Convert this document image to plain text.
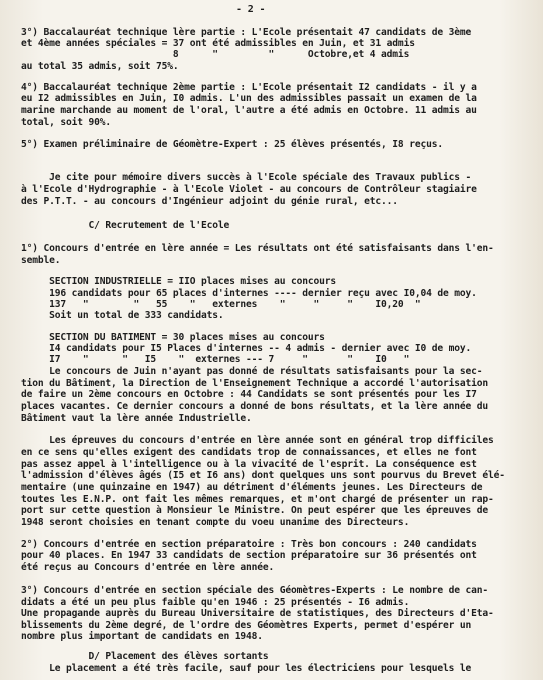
- 2 -
3°) Baccalauréat technique lère partie : L'Ecole présentait 47 candidats de 3ème
et 4ème années spéciales = 37 ont été admissibles en Juin, et 31 admis
8      "         "      Octobre,et 4 admis
au total 35 admis, soit 75%.
4°) Baccalauréat technique 2ème partie : L'Ecole présentait I2 candidats - il y a
eu I2 admissibles en Juin, I0 admis. L'un des admissibles passait un examen de la
marine marchande au moment de l'oral, l'autre a été admis en Octobre. 11 admis au
total, soit 90%.
5°) Examen préliminaire de Géomètre-Expert : 25 élèves présentés, I8 reçus.
Je cite pour mémoire divers succès à l'Ecole spéciale des Travaux publics -
à l'Ecole d'Hydrographie - à l'Ecole Violet - au concours de Contrôleur stagiaire
des P.T.T. - au concours d'Ingénieur adjoint du génie rural, etc...
C/ Recrutement de l'Ecole
1°) Concours d'entrée en lère année = Les résultats ont été satisfaisants dans l'en-
semble.
SECTION INDUSTRIELLE = IIO places mises au concours
196 candidats pour 65 places d'internes ---- dernier reçu avec I0,04 de moy.
137   "        "   55    "   externes    "     "     "    I0,20  "
Soit un total de 333 candidats.
SECTION DU BATIMENT = 30 places mises au concours
I4 candidats pour I5 Places d'internes -- 4 admis - dernier avec I0 de moy.
I7    "      "   I5    "  externes --- 7     "       "    I0   "
Le concours de Juin n'ayant pas donné de résultats satisfaisants pour la sec-
tion du Bâtiment, la Direction de l'Enseignement Technique a accordé l'autorisation
de faire un 2ème concours en Octobre : 44 Candidats se sont présentés pour les I7
places vacantes. Ce dernier concours a donné de bons résultats, et la lère année du
Bâtiment vaut la lère année Industrielle.
Les épreuves du concours d'entrée en lère année sont en général trop difficiles
en ce sens qu'elles exigent des candidats trop de connaissances, et elles ne font
pas assez appel à l'intelligence ou à la vivacité de l'esprit. La conséquence est
l'admission d'élèves âgés (I5 et I6 ans) dont quelques uns sont pourvus du Brevet élé-
mentaire (une quinzaine en 1947) au détriment d'éléments jeunes. Les Directeurs de
toutes les E.N.P. ont fait les mêmes remarques, et m'ont chargé de présenter un rap-
port sur cette question à Monsieur le Ministre. On peut espérer que les épreuves de
1948 seront choisies en tenant compte du voeu unanime des Directeurs.
2°) Concours d'entrée en section préparatoire : Très bon concours : 240 candidats
pour 40 places. En 1947 33 candidats de section préparatoire sur 36 présentés ont
été reçus au Concours d'entrée en lère année.
3°) Concours d'entrée en section spéciale des Géomètres-Experts : Le nombre de can-
didats a été un peu plus faible qu'en 1946 : 25 présentés - I6 admis.
Une propagande auprès du Bureau Universitaire de statistiques, des Directeurs d'Eta-
blissements du 2ème degré, de l'ordre des Géomètres Experts, permet d'espérer un
nombre plus important de candidats en 1948.
D/ Placement des élèves sortants
Le placement a été très facile, sauf pour les électriciens pour lesquels le
